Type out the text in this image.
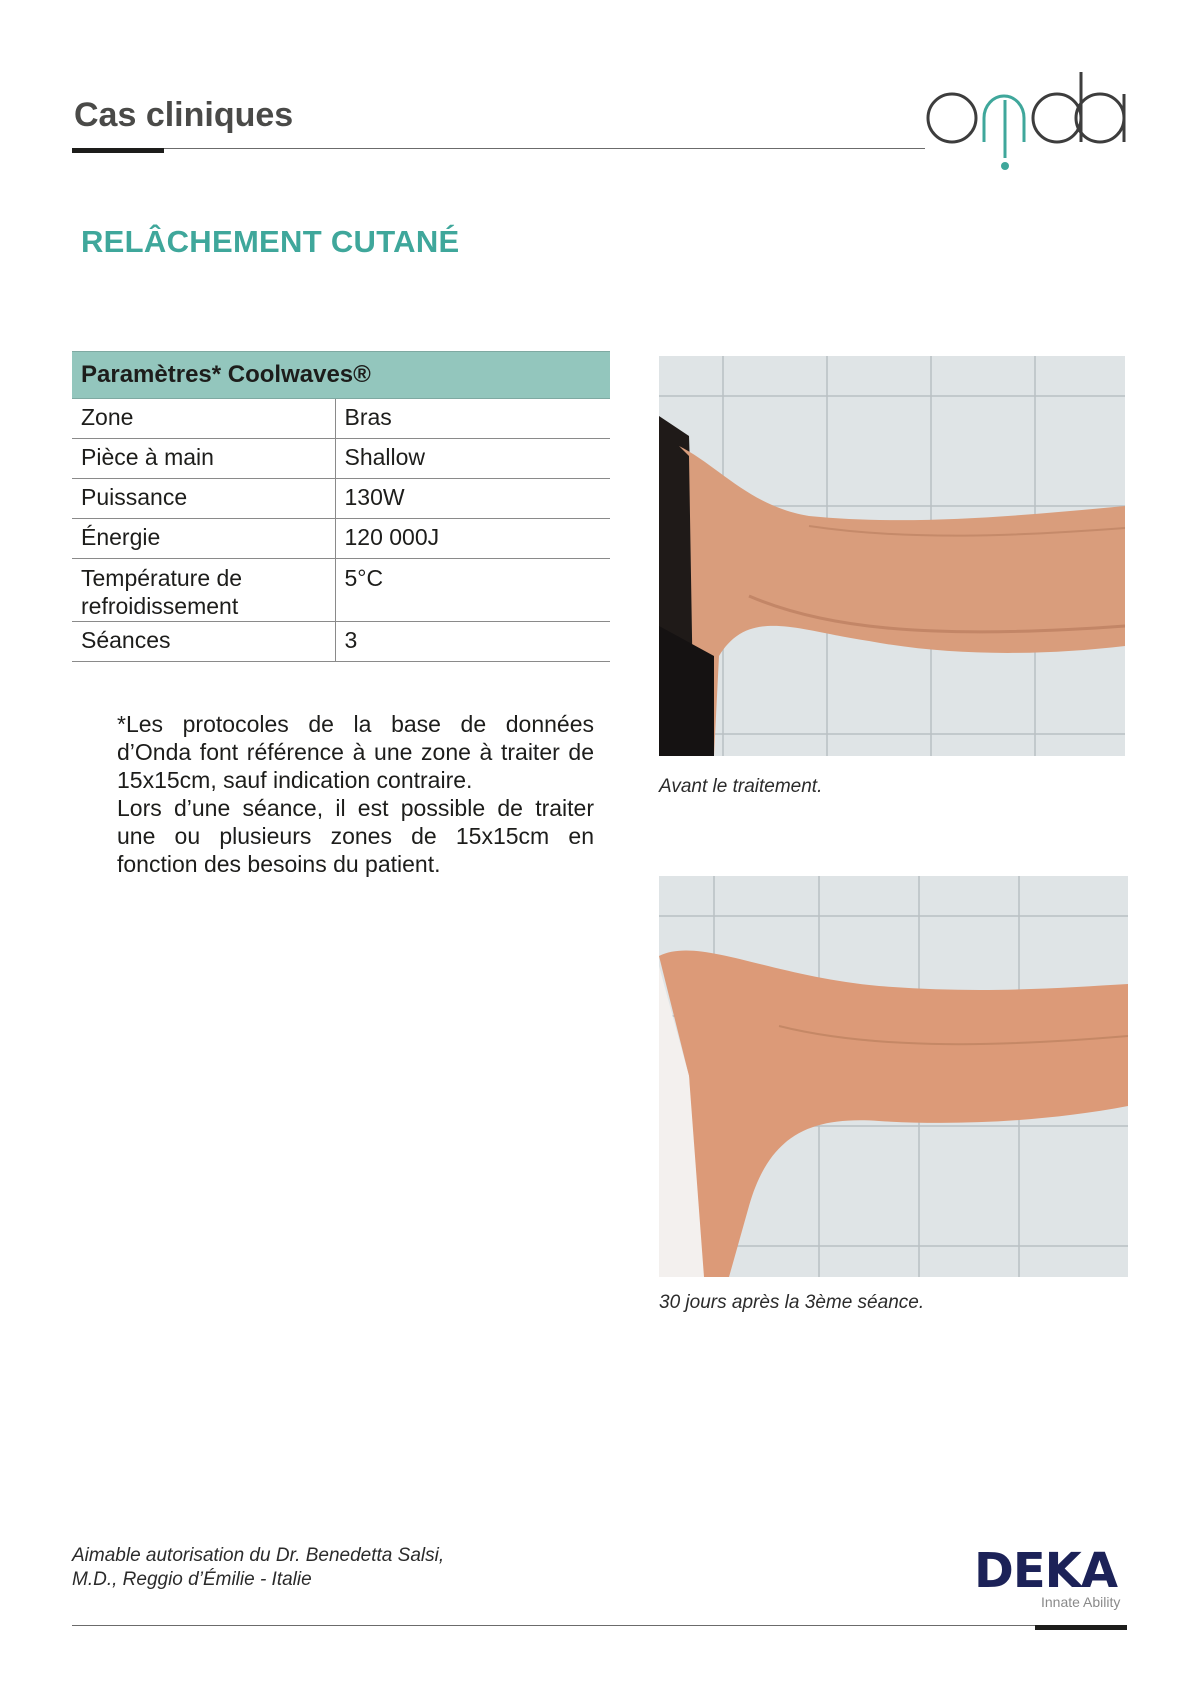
Cas cliniques
RELÂCHEMENT CUTANÉ
Paramètres* Coolwaves®	
Zone	Bras
Pièce à main	Shallow
Puissance	130W
Énergie	120 000J

Température de
refroidissement	5°C
Séances	3

*Les protocoles de la base de données d’Onda font référence à une zone à traiter de 15x15cm, sauf indication contraire.

Lors d’une séance, il est possible de traiter une ou plusieurs zones de 15x15cm en fonction des besoins du patient.

Avant le traitement.
30 jours après la 3ème séance.
Aimable autorisation du Dr. Benedetta Salsi,
M.D., Reggio d’Émilie - Italie	DEKA
Innate Ability
